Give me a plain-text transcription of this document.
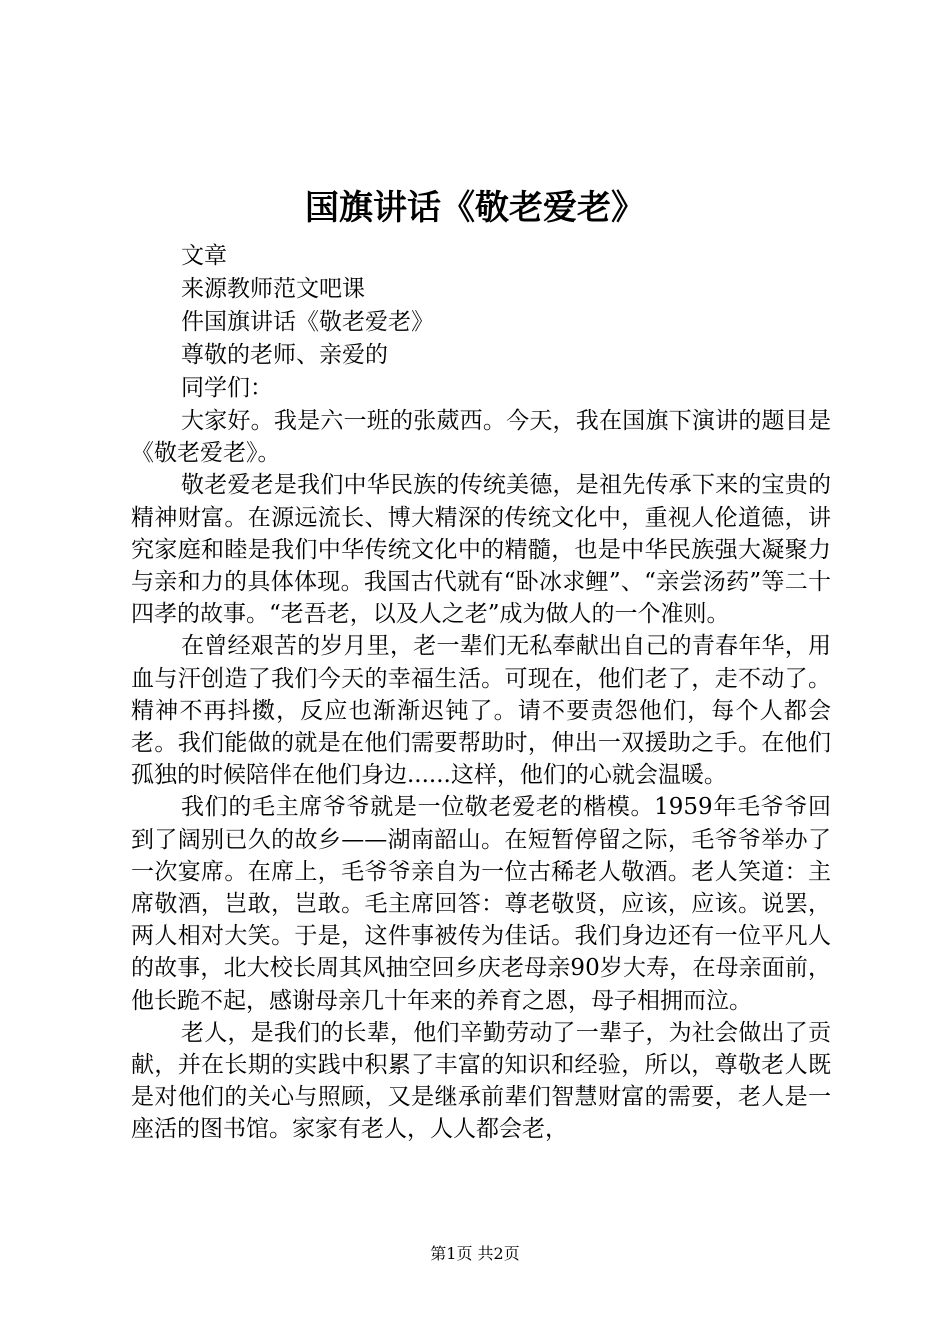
国旗讲话《敬老爱老》

文章

来源教师范文吧课

件国旗讲话《敬老爱老》

尊敬的老师、亲爱的

同学们：

大家好。我是六一班的张葳西。今天，我在国旗下演讲的题目是《敬老爱老》。

敬老爱老是我们中华民族的传统美德，是祖先传承下来的宝贵的精神财富。在源远流长、博大精深的传统文化中，重视人伦道德，讲究家庭和睦是我们中华传统文化中的精髓，也是中华民族强大凝聚力与亲和力的具体体现。我国古代就有“卧冰求鲤”、“亲尝汤药”等二十四孝的故事。“老吾老，以及人之老”成为做人的一个准则。

在曾经艰苦的岁月里，老一辈们无私奉献出自己的青春年华，用血与汗创造了我们今天的幸福生活。可现在，他们老了，走不动了。精神不再抖擞，反应也渐渐迟钝了。请不要责怨他们，每个人都会老。我们能做的就是在他们需要帮助时，伸出一双援助之手。在他们孤独的时候陪伴在他们身边......这样，他们的心就会温暖。

我们的毛主席爷爷就是一位敬老爱老的楷模。1959年毛爷爷回到了阔别已久的故乡——湖南韶山。在短暂停留之际，毛爷爷举办了一次宴席。在席上，毛爷爷亲自为一位古稀老人敬酒。老人笑道：主席敬酒，岂敢，岂敢。毛主席回答：尊老敬贤，应该，应该。说罢，两人相对大笑。于是，这件事被传为佳话。我们身边还有一位平凡人的故事，北大校长周其风抽空回乡庆老母亲90岁大寿，在母亲面前，他长跪不起，感谢母亲几十年来的养育之恩，母子相拥而泣。

老人，是我们的长辈，他们辛勤劳动了一辈子，为社会做出了贡献，并在长期的实践中积累了丰富的知识和经验，所以，尊敬老人既是对他们的关心与照顾，又是继承前辈们智慧财富的需要，老人是一座活的图书馆。家家有老人，人人都会老，

第1页 共2页
